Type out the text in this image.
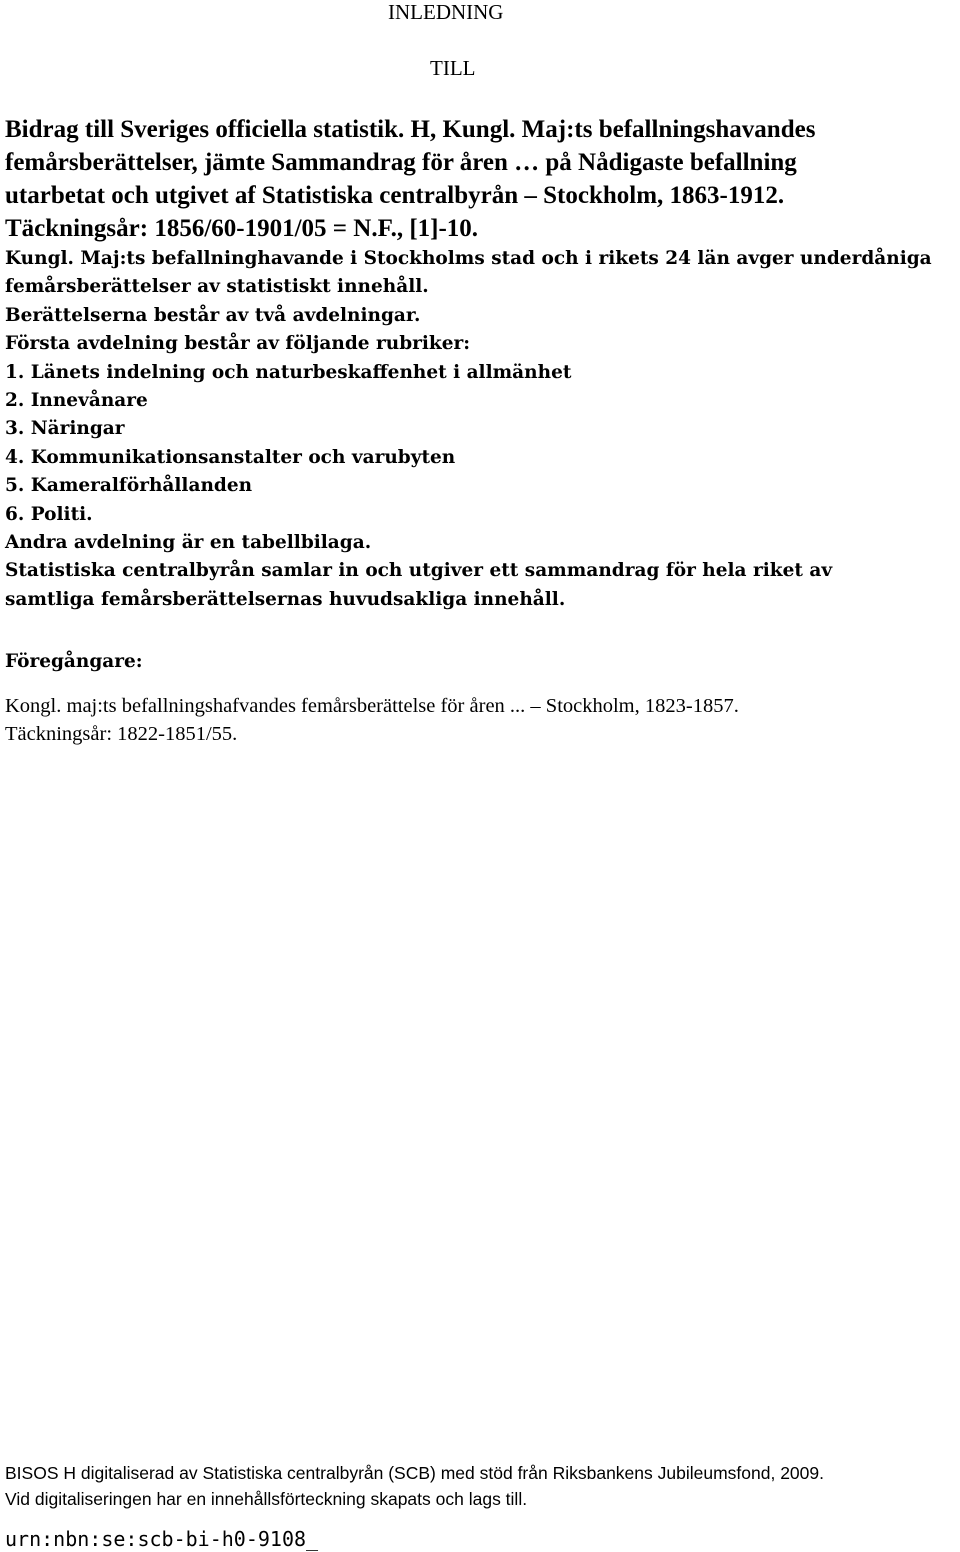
INLEDNING
TILL
Bidrag till Sveriges officiella statistik. H, Kungl. Maj:ts befallningshavandes
femårsberättelser, jämte Sammandrag för åren … på Nådigaste befallning
utarbetat och utgivet af Statistiska centralbyrån – Stockholm, 1863-1912.
Täckningsår: 1856/60-1901/05 = N.F., [1]-10.
Kungl. Maj:ts befallninghavande i Stockholms stad och i rikets 24 län avger underdåniga
femårsberättelser av statistiskt innehåll.
Berättelserna består av två avdelningar.
Första avdelning består av följande rubriker:
1. Länets indelning och naturbeskaffenhet i allmänhet
2. Innevånare
3. Näringar
4. Kommunikationsanstalter och varubyten
5. Kameralförhållanden
6. Politi.
Andra avdelning är en tabellbilaga.
Statistiska centralbyrån samlar in och utgiver ett sammandrag för hela riket av
samtliga femårsberättelsernas huvudsakliga innehåll.
Föregångare:
Kongl. maj:ts befallningshafvandes femårsberättelse för åren ... – Stockholm, 1823-1857.
Täckningsår: 1822-1851/55.
BISOS H digitaliserad av Statistiska centralbyrån (SCB) med stöd från Riksbankens Jubileumsfond, 2009.
Vid digitaliseringen har en innehållsförteckning skapats och lags till.
urn:nbn:se:scb-bi-h0-9108_
